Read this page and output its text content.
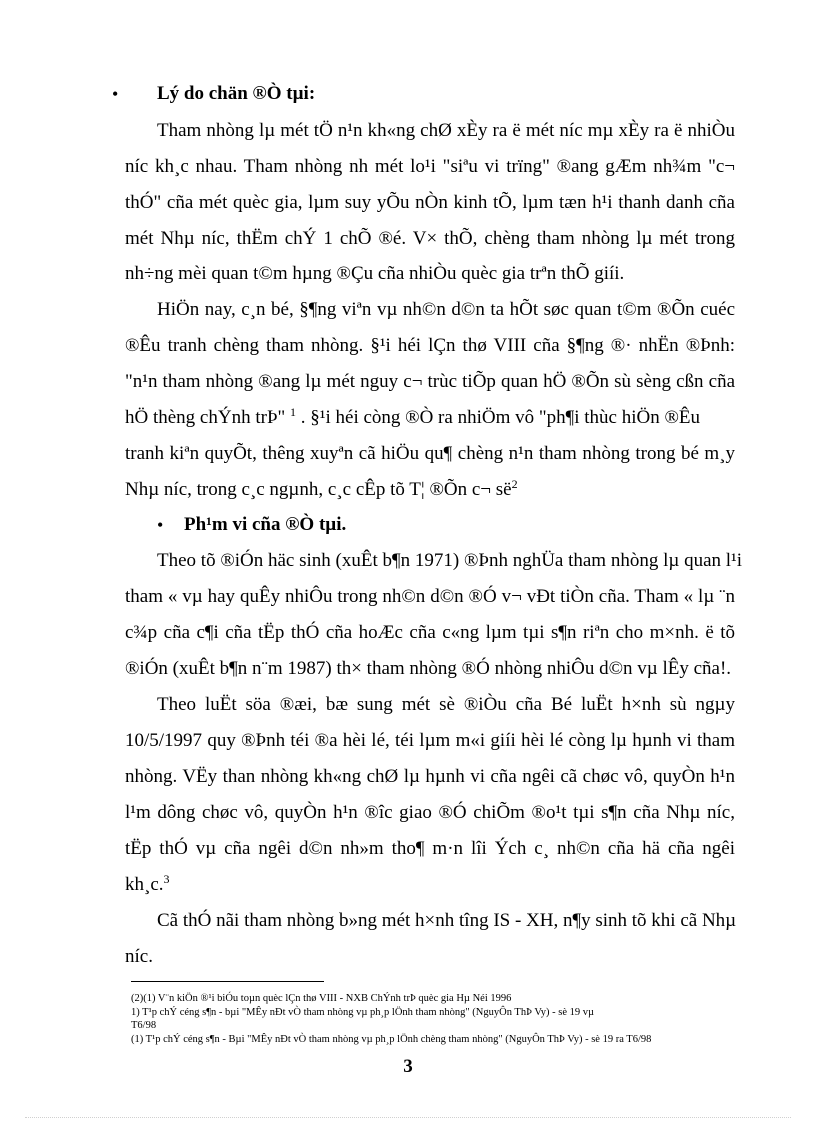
• Lý do chän ®Ò tµi:
Tham nhòng lµ mét tÖ n¹n kh«ng chØ xÈy ra ë mét níc mµ xÈy ra ë nhiÒu
níc kh¸c nhau. Tham nhòng nh mét lo¹i "siªu vi trïng" ®ang gÆm nh¾m "c¬
thÓ" cña mét quèc gia, lµm suy yÕu nÒn kinh tÕ, lµm tæn h¹i thanh danh cña
mét Nhµ níc, thËm chÝ 1 chÕ ®é. V× thÕ, chèng tham nhòng lµ mét trong
nh÷ng mèi quan t©m hµng ®Çu cña nhiÒu quèc gia trªn thÕ giíi.
HiÖn nay, c¸n bé, §¶ng viªn vµ nh©n d©n ta hÕt søc quan t©m ®Õn cuéc
®Êu tranh chèng tham nhòng. §¹i héi lÇn thø VIII cña §¶ng ®· nhËn ®Þnh:
"n¹n tham nhòng ®ang lµ mét nguy c¬ trùc tiÕp quan hÖ ®Õn sù sèng cßn cña
hÖ thèng chÝnh trÞ" $^1$ . §¹i héi còng ®Ò ra nhiÖm vô "ph¶i thùc hiÖn ®Êu
tranh kiªn quyÕt, thêng xuyªn cã hiÖu qu¶ chèng n¹n tham nhòng trong bé m¸y
Nhµ níc, trong c¸c ngµnh, c¸c cÊp tõ T¦ ®Õn c¬ $së^2$
• Ph¹m vi cña ®Ò tµi.
Theo tõ ®iÓn häc sinh (xuÊt b¶n 1971) ®Þnh nghÜa tham nhòng lµ quan l¹i
tham « vµ hay quÊy nhiÔu trong nh©n d©n ®Ó v¬ vÐt tiÒn cña. Tham « lµ ¨n
c¾p cña c¶i cña tËp thÓ cña hoÆc cña c«ng lµm tµi s¶n riªn cho m×nh. ë tõ
®iÓn (xuÊt b¶n n¨m 1987) th× tham nhòng ®Ó nhòng nhiÔu d©n vµ lÊy cña!.
Theo luËt söa ®æi, bæ sung mét sè ®iÒu cña Bé luËt h×nh sù ngµy
10/5/1997 quy ®Þnh téi ®a hèi lé, téi lµm m«i giíi hèi lé còng lµ hµnh vi tham
nhòng. VËy than nhòng kh«ng chØ lµ hµnh vi cña ngêi cã chøc vô, quyÒn h¹n
l¹m dông chøc vô, quyÒn h¹n ®îc giao ®Ó chiÕm ®o¹t tµi s¶n cña Nhµ níc,
tËp thÓ vµ cña ngêi d©n nh»m tho¶ m·n lîi Ých c¸ nh©n cña hä cña ngêi
kh¸c.$^3$
Cã thÓ nãi tham nhòng b»ng mét h×nh tîng IS - XH, n¶y sinh tõ khi cã Nhµ
níc.
(2)(1) V¨n kiÖn ®¹i biÓu toµn quèc lÇn thø VIII - NXB ChÝnh trÞ quèc gia Hµ Néi 1996
1) T¹p chÝ céng s¶n - bµi "MÊy nÐt vÒ tham nhòng vµ ph¸p lÖnh tham nhòng" (NguyÔn ThÞ Vy) - sè 19 vµ
T6/98
(1) T¹p chÝ céng s¶n - Bµi "MÊy nÐt vÒ tham nhòng vµ ph¸p lÖnh chèng tham nhòng" (NguyÔn ThÞ Vy) - sè 19 ra T6/98
3
